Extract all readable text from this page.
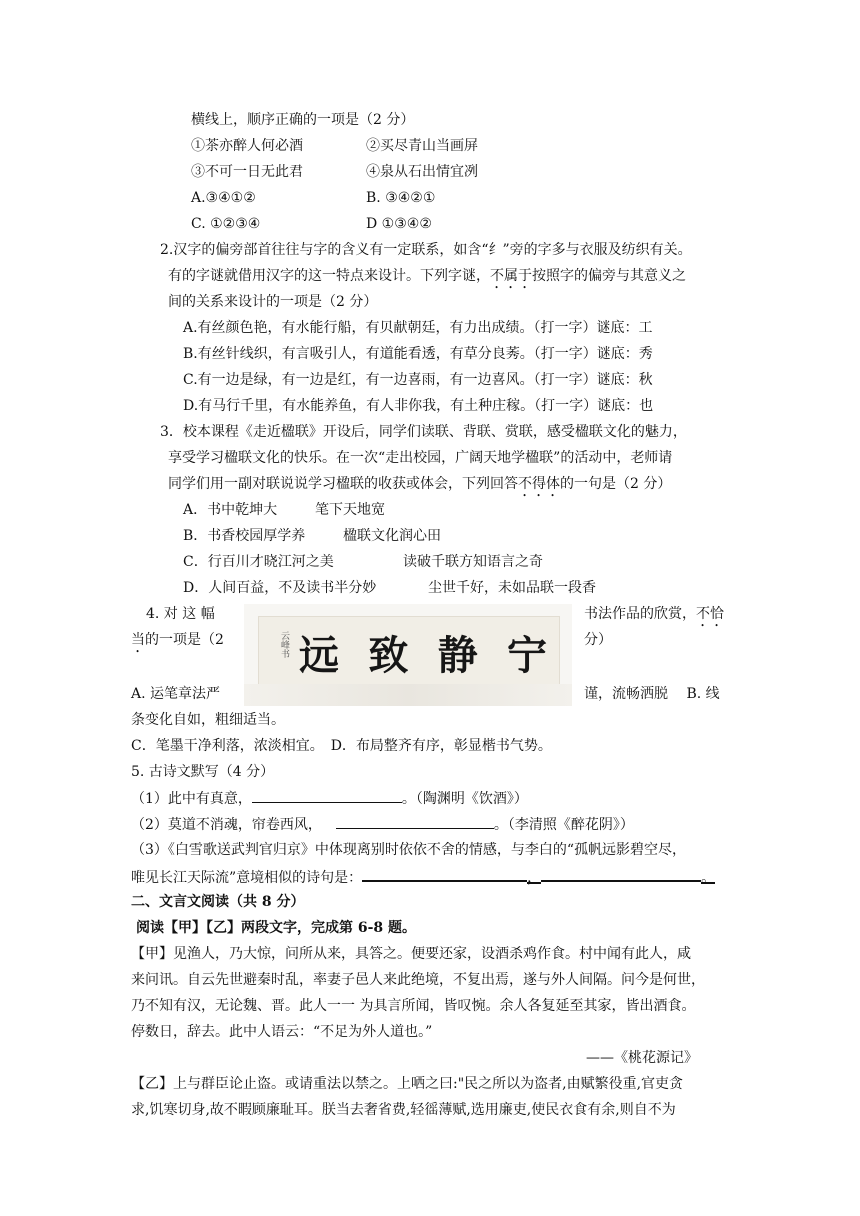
横线上，顺序正确的一项是（2 分）
①茶亦醉人何必酒	②买尽青山当画屏
③不可一日无此君	④泉从石出情宜冽
A.③④①②	B. ③④②①
C. ①②③④	D ①③④②
2.汉字的偏旁部首往往与字的含义有一定联系，如含“纟”旁的字多与衣服及纺织有关。
有的字谜就借用汉字的这一特点来设计。下列字谜，不属于按照字的偏旁与其意义之
间的关系来设计的一项是（2 分）
A.有丝颜色艳，有水能行船，有贝献朝廷，有力出成绩。（打一字）谜底：工
B.有丝针线织，有言吸引人，有道能看透，有草分良莠。（打一字）谜底：秀
C.有一边是绿，有一边是红，有一边喜雨，有一边喜风。（打一字）谜底：秋
D.有马行千里，有水能养鱼，有人非你我，有土种庄稼。（打一字）谜底：也
3．校本课程《走近楹联》开设后，同学们读联、背联、赏联，感受楹联文化的魅力，
享受学习楹联文化的快乐。在一次“走出校园，广阔天地学楹联”的活动中，老师请
同学们用一副对联说说学习楹联的收获或体会，下列回答不得体的一句是（2 分）
A．书中乾坤大	笔下天地宽
B．书香校园厚学养	楹联文化润心田
C．行百川才晓江河之美	读破千联方知语言之奇
D．人间百益，不及读书半分妙	尘世千好，未如品联一段香
4. 对 这 幅	书法作品的欣赏，不恰
当的一项是（2	分）
云峰书 远 致 静 宁
A. 运笔章法严	谨，流畅洒脱　 B. 线
条变化自如，粗细适当。
C．笔墨干净利落，浓淡相宜。　D．布局整齐有序，彰显楷书气势。
5. 古诗文默写（4 分）
（1）此中有真意，	。（陶渊明《饮酒》）
（2）莫道不消魂，帘卷西风，	。（李清照《醉花阴》）
（3）《白雪歌送武判官归京》中体现离别时依依不舍的情感，与李白的“孤帆远影碧空尽，
唯见长江天际流”意境相似的诗句是：	，	。
二、文言文阅读（共 8 分）
阅读【甲】【乙】两段文字，完成第 6-8 题。
【甲】见渔人，乃大惊，问所从来，具答之。便要还家，设酒杀鸡作食。村中闻有此人，咸
来问讯。自云先世避秦时乱，率妻子邑人来此绝境，不复出焉，遂与外人间隔。问今是何世，
乃不知有汉，无论魏、晋。此人一一 为具言所闻，皆叹惋。余人各复延至其家，皆出酒食。
停数日，辞去。此中人语云：“不足为外人道也。”
——《桃花源记》
【乙】上与群臣论止盗。或请重法以禁之。上哂之曰:"民之所以为盗者,由赋繁役重,官吏贪
求,饥寒切身,故不暇顾廉耻耳。朕当去奢省费,轻徭薄赋,选用廉吏,使民衣食有余,则自不为
